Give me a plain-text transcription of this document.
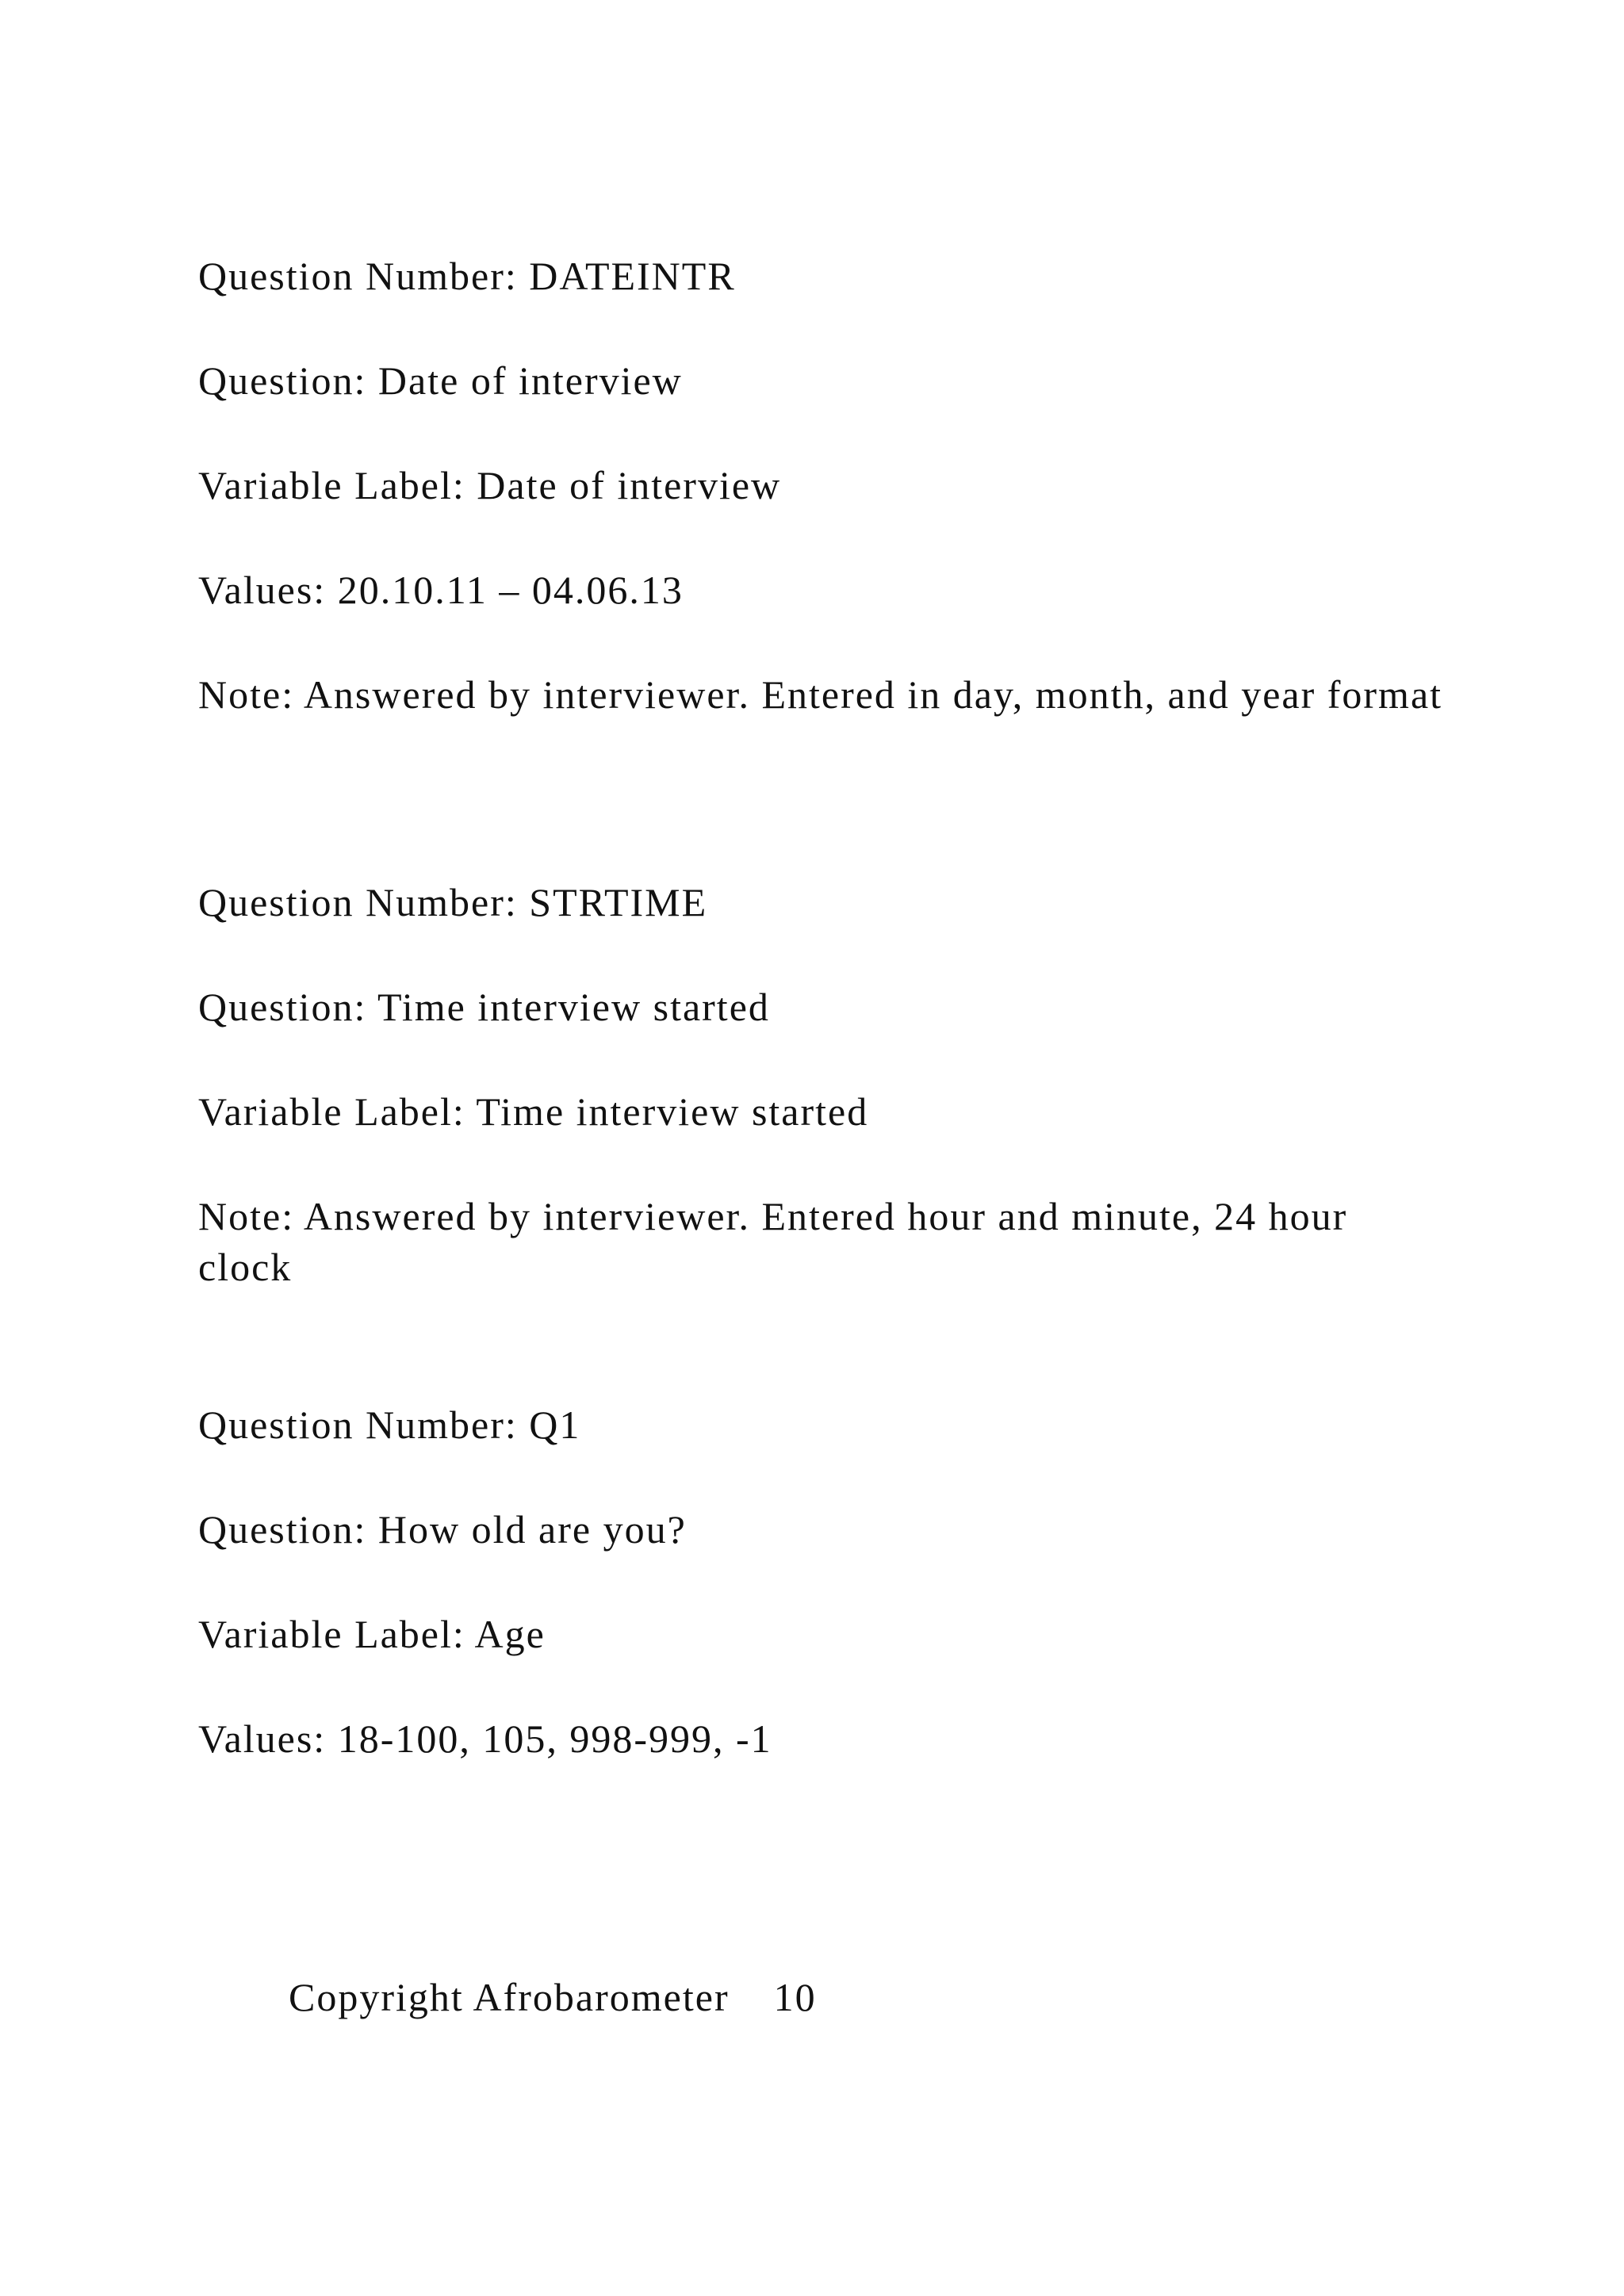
Question Number: DATEINTR

Question: Date of interview

Variable Label: Date of interview

Values: 20.10.11 – 04.06.13

Note: Answered by interviewer. Entered in day, month, and year format

Question Number: STRTIME

Question: Time interview started

Variable Label: Time interview started

Note: Answered by interviewer. Entered hour and minute, 24 hour clock

Question Number: Q1

Question: How old are you?

Variable Label: Age

Values: 18-100, 105, 998-999, -1

Copyright Afrobarometer 10
